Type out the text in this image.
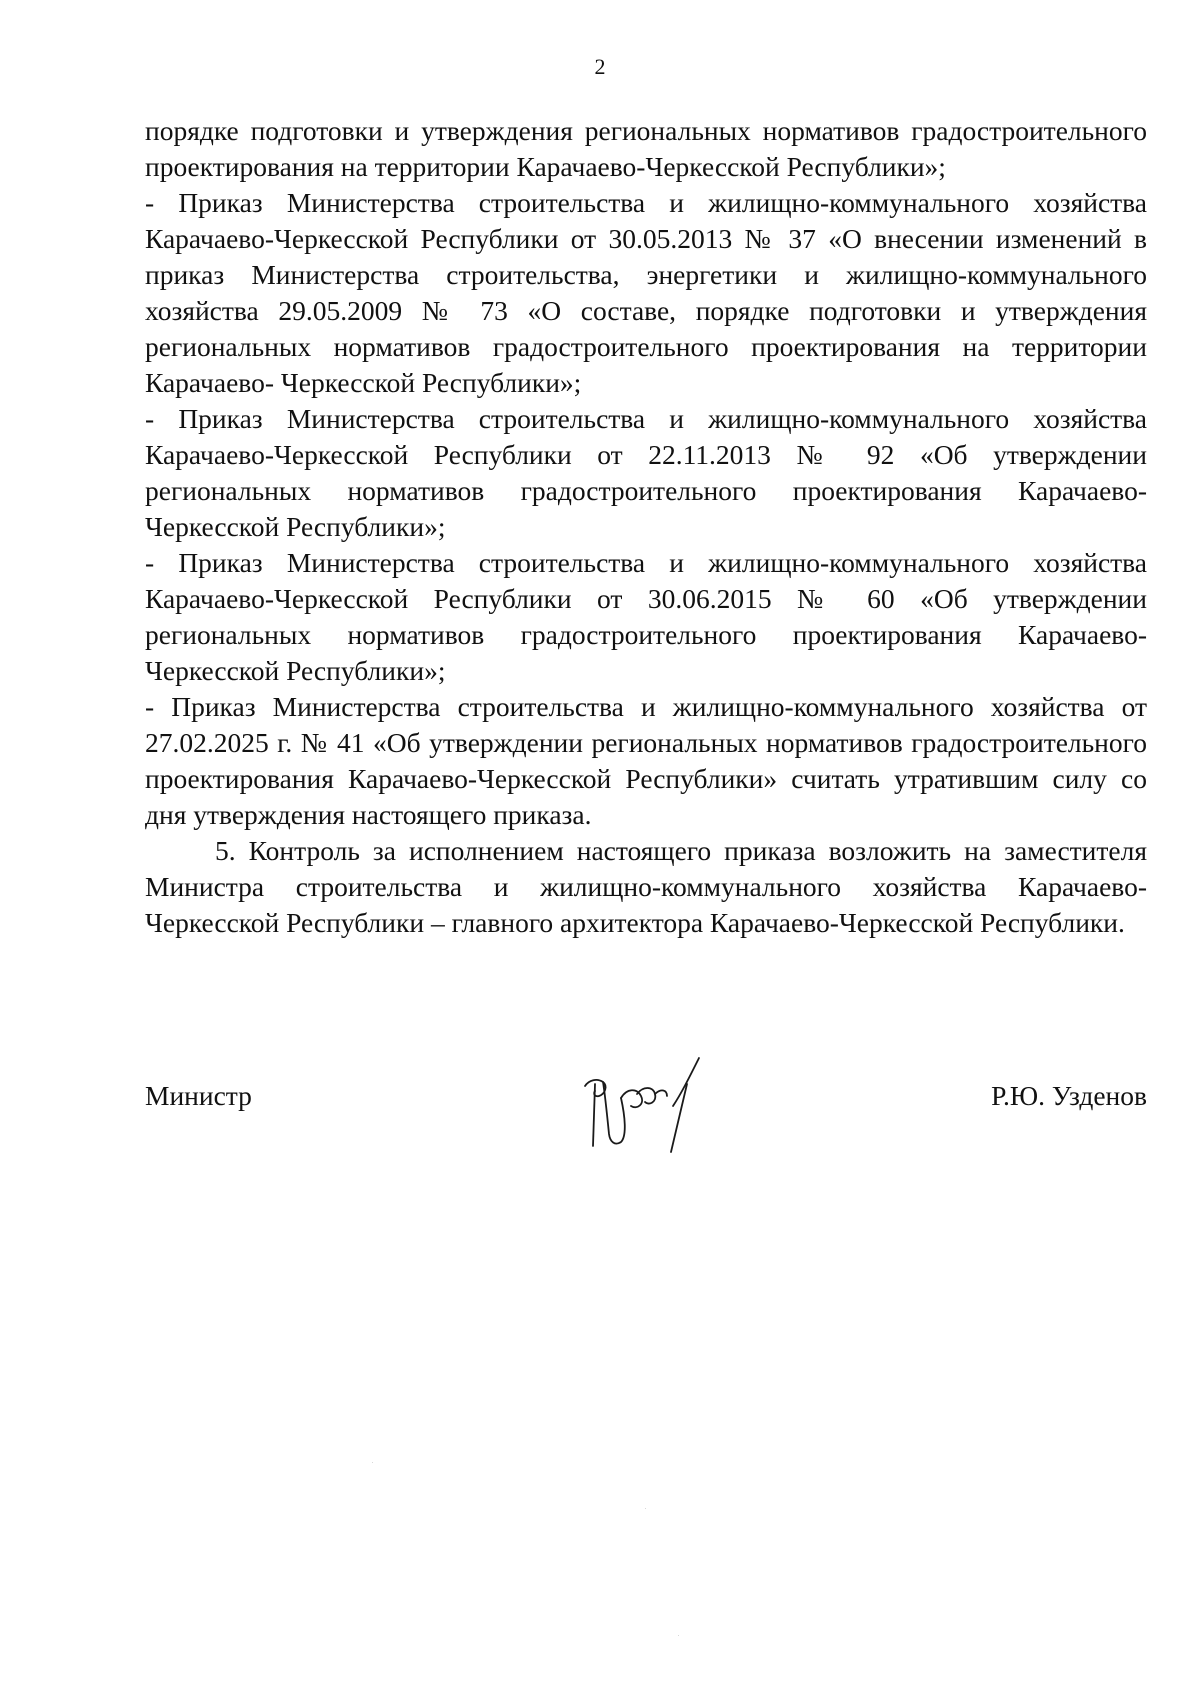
2

порядке подготовки и утверждения региональных нормативов градостроительного проектирования на территории Карачаево-Черкесской Республики»;

- Приказ Министерства строительства и жилищно-коммунального хозяйства Карачаево-Черкесской Республики от 30.05.2013 № 37 «О внесении изменений в приказ Министерства строительства, энергетики и жилищно-коммунального хозяйства 29.05.2009 № 73 «О составе, порядке подготовки и утверждения региональных нормативов градостроительного проектирования на территории Карачаево- Черкесской Республики»;

- Приказ Министерства строительства и жилищно-коммунального хозяйства Карачаево-Черкесской Республики от 22.11.2013 № 92 «Об утверждении региональных нормативов градостроительного проектирования Карачаево-Черкесской Республики»;

- Приказ Министерства строительства и жилищно-коммунального хозяйства Карачаево-Черкесской Республики от 30.06.2015 № 60 «Об утверждении региональных нормативов градостроительного проектирования Карачаево-Черкесской Республики»;

- Приказ Министерства строительства и жилищно-коммунального хозяйства от 27.02.2025 г. № 41 «Об утверждении региональных нормативов градостроительного проектирования Карачаево-Черкесской Республики» считать утратившим силу со дня утверждения настоящего приказа.

5. Контроль за исполнением настоящего приказа возложить на заместителя Министра строительства и жилищно-коммунального хозяйства Карачаево-Черкесской Республики – главного архитектора Карачаево-Черкесской Республики.

Министр	Р.Ю. Узденов
